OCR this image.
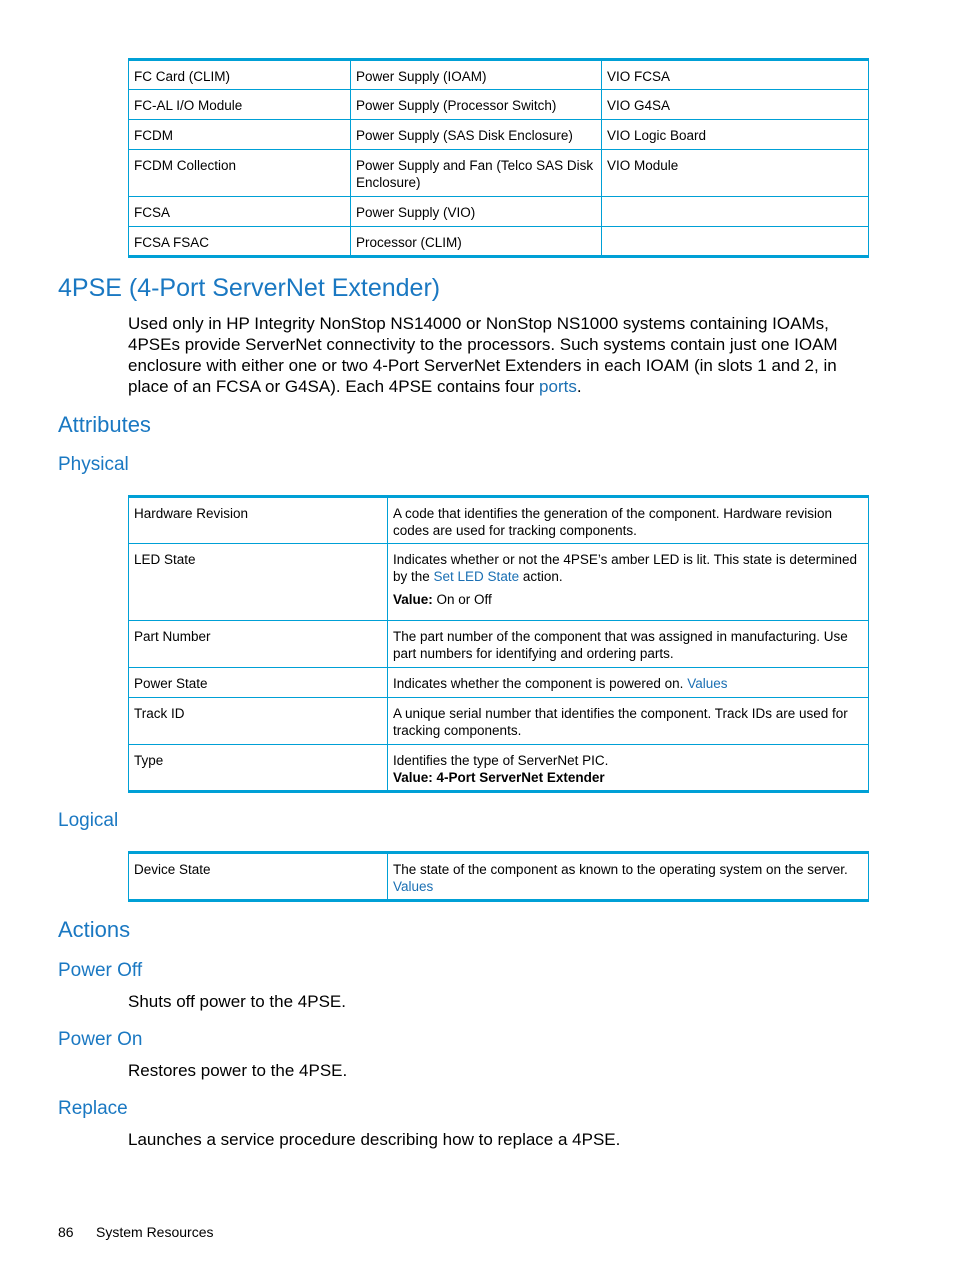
FC Card (CLIM)	Power Supply (IOAM)	VIO FCSA
FC-AL I/O Module	Power Supply (Processor Switch)	VIO G4SA
FCDM	Power Supply (SAS Disk Enclosure)	VIO Logic Board
FCDM Collection	Power Supply and Fan (Telco SAS Disk Enclosure)	VIO Module
FCSA	Power Supply (VIO)	
FCSA FSAC	Processor (CLIM)	
4PSE (4-Port ServerNet Extender)

Used only in HP Integrity NonStop NS14000 or NonStop NS1000 systems containing IOAMs, 4PSEs provide ServerNet connectivity to the processors. Such systems contain just one IOAM enclosure with either one or two 4-Port ServerNet Extenders in each IOAM (in slots 1 and 2, in place of an FCSA or G4SA). Each 4PSE contains four ports.

Attributes
Physical
Hardware Revision	A code that identifies the generation of the component. Hardware revision codes are used for tracking components.
LED State	Indicates whether or not the 4PSE’s amber LED is lit. This state is determined by the Set LED State action.
Value: On or Off

Part Number	The part number of the component that was assigned in manufacturing. Use part numbers for identifying and ordering parts.
Power State	Indicates whether the component is powered on. Values
Track ID	A unique serial number that identifies the component. Track IDs are used for tracking components.
Type	Identifies the type of ServerNet PIC.
Value: 4-Port ServerNet Extender
Logical
Device State	The state of the component as known to the operating system on the server. Values
Actions
Power Off

Shuts off power to the 4PSE.

Power On

Restores power to the 4PSE.

Replace

Launches a service procedure describing how to replace a 4PSE.

86 System Resources
